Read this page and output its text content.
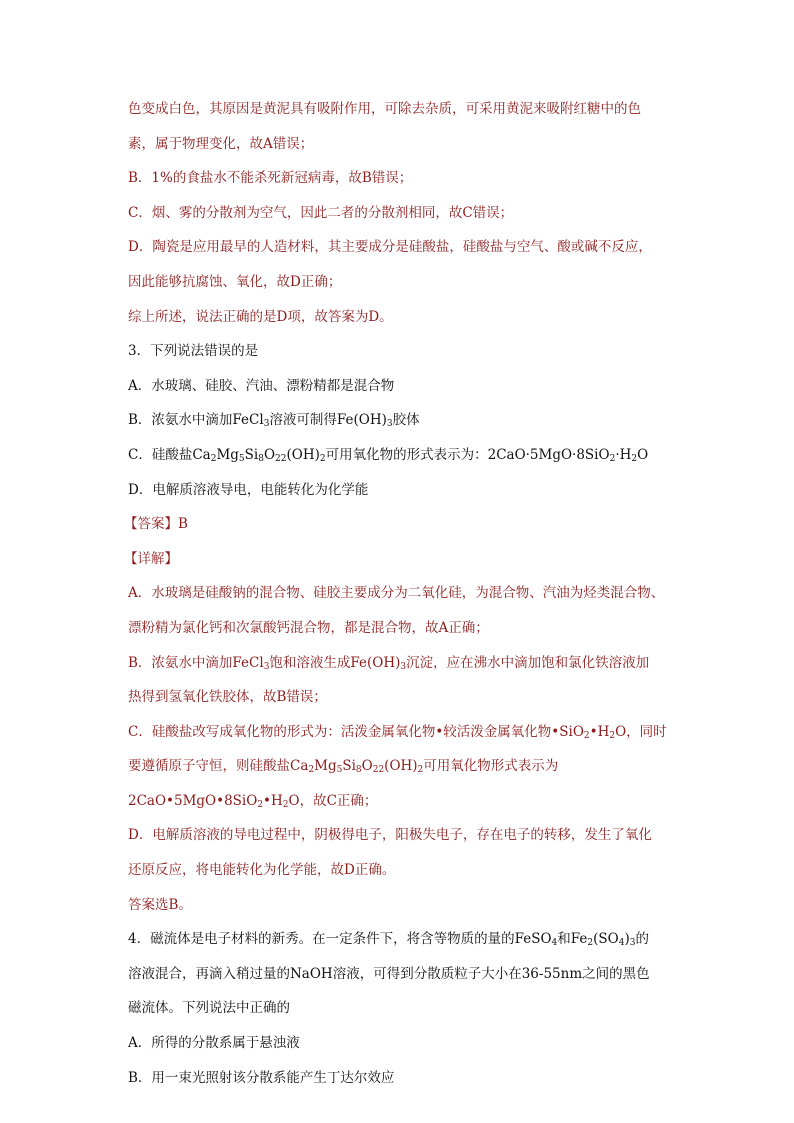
色变成白色，其原因是黄泥具有吸附作用，可除去杂质，可采用黄泥来吸附红糖中的色
素，属于物理变化，故A错误；
B．1%的食盐水不能杀死新冠病毒，故B错误；
C．烟、雾的分散剂为空气，因此二者的分散剂相同，故C错误；
D．陶瓷是应用最早的人造材料，其主要成分是硅酸盐，硅酸盐与空气、酸或碱不反应，
因此能够抗腐蚀、氧化，故D正确；
综上所述，说法正确的是D项，故答案为D。
3．下列说法错误的是
A．水玻璃、硅胶、汽油、漂粉精都是混合物
B．浓氨水中滴加FeCl$_3$溶液可制得$Fe(OH)_3$胶体
C．硅酸盐$Ca_2Mg_5Si_8O_{22}(OH)_2$可用氧化物的形式表示为：$2CaO\cdot 5MgO\cdot 8SiO_2\cdot H_2O$
D．电解质溶液导电，电能转化为化学能
【答案】B
【详解】
A．水玻璃是硅酸钠的混合物、硅胶主要成分为二氧化硅，为混合物、汽油为烃类混合物、
漂粉精为氯化钙和次氯酸钙混合物，都是混合物，故A正确；
B．浓氨水中滴加FeCl$_3$饱和溶液生成$Fe(OH)_3$沉淀，应在沸水中滴加饱和氯化铁溶液加
热得到氢氧化铁胶体，故B错误；
C．硅酸盐改写成氧化物的形式为：活泼金属氧化物•较活泼金属氧化物$•SiO_2•H_2O$，同时
要遵循原子守恒，则硅酸盐$Ca_2Mg_5Si_8O_{22}(OH)_2$可用氧化物形式表示为
$2CaO•5MgO•8SiO_2•H_2O$，故C正确；
D．电解质溶液的导电过程中，阴极得电子，阳极失电子，存在电子的转移，发生了氧化
还原反应，将电能转化为化学能，故D正确。
答案选B。
4．磁流体是电子材料的新秀。在一定条件下，将含等物质的量的FeSO$_4$和$Fe_2(SO_4)_3$的
溶液混合，再滴入稍过量的NaOH溶液，可得到分散质粒子大小在36-55nm之间的黑色
磁流体。下列说法中正确的
A．所得的分散系属于悬浊液
B．用一束光照射该分散系能产生丁达尔效应
